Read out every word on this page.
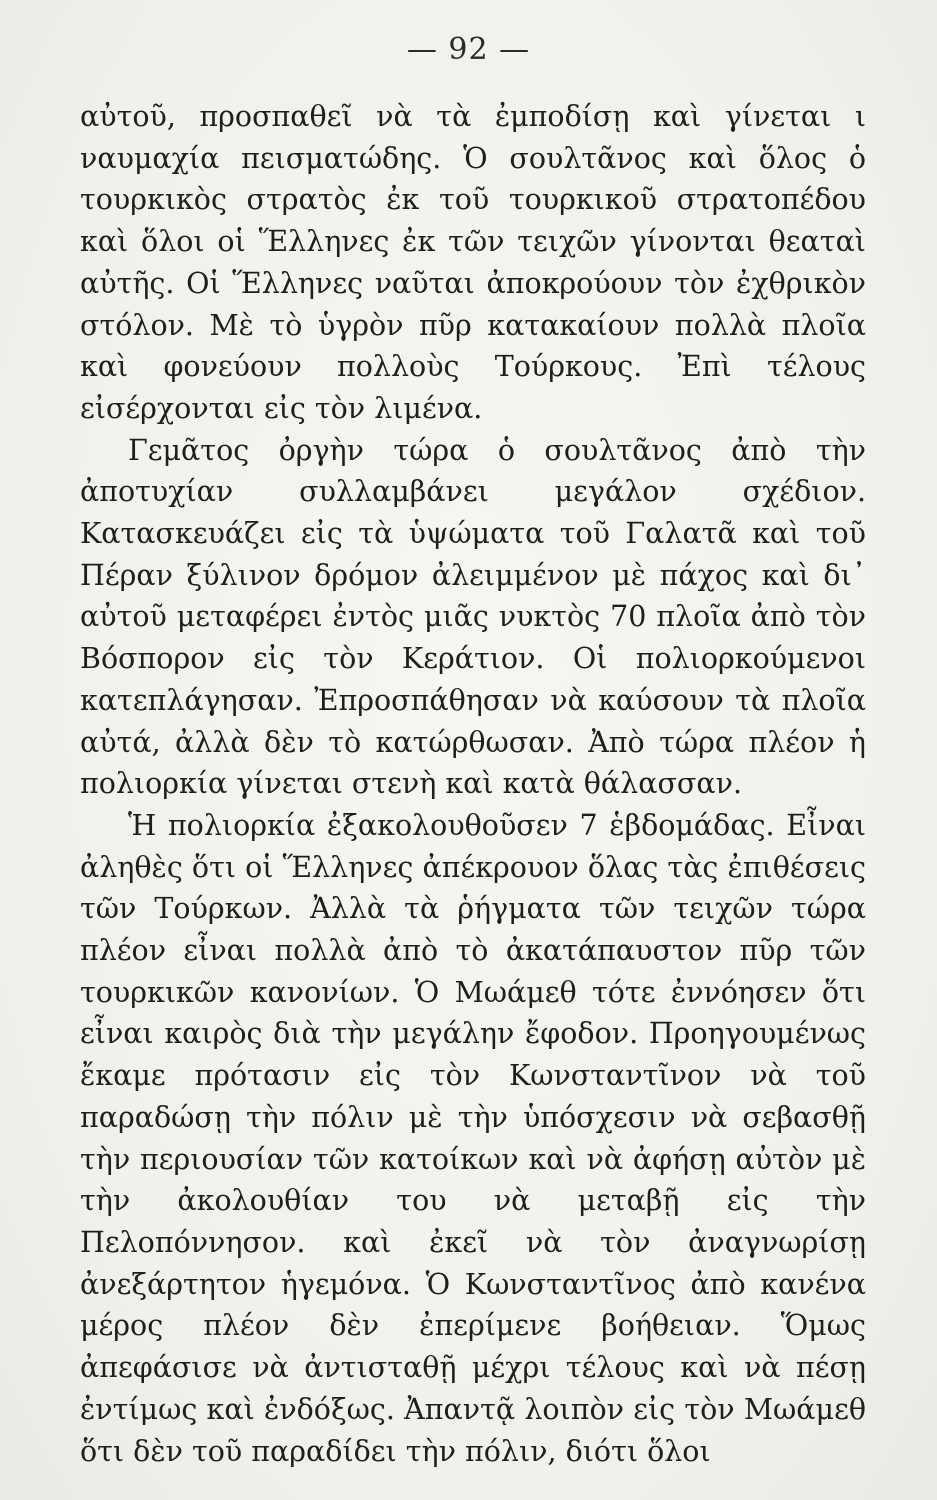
— 92 —

αὐτοῦ, προσπαθεῖ νὰ τὰ ἐμποδίσῃ καὶ γίνεται ι ναυμαχία πεισματώδης. Ὁ σουλτᾶνος καὶ ὅλος ὁ τουρκικὸς στρατὸς ἐκ τοῦ τουρκικοῦ στρατοπέδου καὶ ὅλοι οἱ Ἕλληνες ἐκ τῶν τειχῶν γίνονται θεαταὶ αὐτῆς. Οἱ Ἕλληνες ναῦται ἀποκρούουν τὸν ἐχθρικὸν στόλον. Μὲ τὸ ὑγρὸν πῦρ κατακαίουν πολλὰ πλοῖα καὶ φονεύουν πολλοὺς Τούρκους. Ἐπὶ τέλους εἰσέρχονται εἰς τὸν λιμένα.

Γεμᾶτος ὀργὴν τώρα ὁ σουλτᾶνος ἀπὸ τὴν ἀποτυχίαν συλλαμβάνει μεγάλον σχέδιον. Κατασκευάζει εἰς τὰ ὑψώματα τοῦ Γαλατᾶ καὶ τοῦ Πέραν ξύλινον δρόμον ἀλειμμένον μὲ πάχος καὶ δι᾽ αὐτοῦ μεταφέρει ἐντὸς μιᾶς νυκτὸς 70 πλοῖα ἀπὸ τὸν Βόσπορον εἰς τὸν Κεράτιον. Οἱ πολιορκούμενοι κατεπλάγησαν. Ἐπροσπάθησαν νὰ καύσουν τὰ πλοῖα αὐτά, ἀλλὰ δὲν τὸ κατώρθωσαν. Ἀπὸ τώρα πλέον ἡ πολιορκία γίνεται στενὴ καὶ κατὰ θάλασσαν.

Ἡ πολιορκία ἐξακολουθοῦσεν 7 ἑβδομάδας. Εἶναι ἀληθὲς ὅτι οἱ Ἕλληνες ἀπέκρουον ὅλας τὰς ἐπιθέσεις τῶν Τούρκων. Ἀλλὰ τὰ ῥήγματα τῶν τειχῶν τώρα πλέον εἶναι πολλὰ ἀπὸ τὸ ἀκατάπαυστον πῦρ τῶν τουρκικῶν κανονίων. Ὁ Μωάμεθ τότε ἐννόησεν ὅτι εἶναι καιρὸς διὰ τὴν μεγάλην ἔφοδον. Προηγουμένως ἔκαμε πρότασιν εἰς τὸν Κωνσταντῖνον νὰ τοῦ παραδώσῃ τὴν πόλιν μὲ τὴν ὑπόσχεσιν νὰ σεβασθῇ τὴν περιουσίαν τῶν κατοίκων καὶ νὰ ἀφήσῃ αὐτὸν μὲ τὴν ἀκολουθίαν του νὰ μεταβῇ εἰς τὴν Πελοπόννησον. καὶ ἐκεῖ νὰ τὸν ἀναγνωρίσῃ ἀνεξάρτητον ἡγεμόνα. Ὁ Κωνσταντῖνος ἀπὸ κανένα μέρος πλέον δὲν ἐπερίμενε βοήθειαν. Ὅμως ἀπεφάσισε νὰ ἀντισταθῇ μέχρι τέλους καὶ νὰ πέσῃ ἐντίμως καὶ ἐνδόξως. Ἀπαντᾷ λοιπὸν εἰς τὸν Μωάμεθ ὅτι δὲν τοῦ παραδίδει τὴν πόλιν, διότι ὅλοι
